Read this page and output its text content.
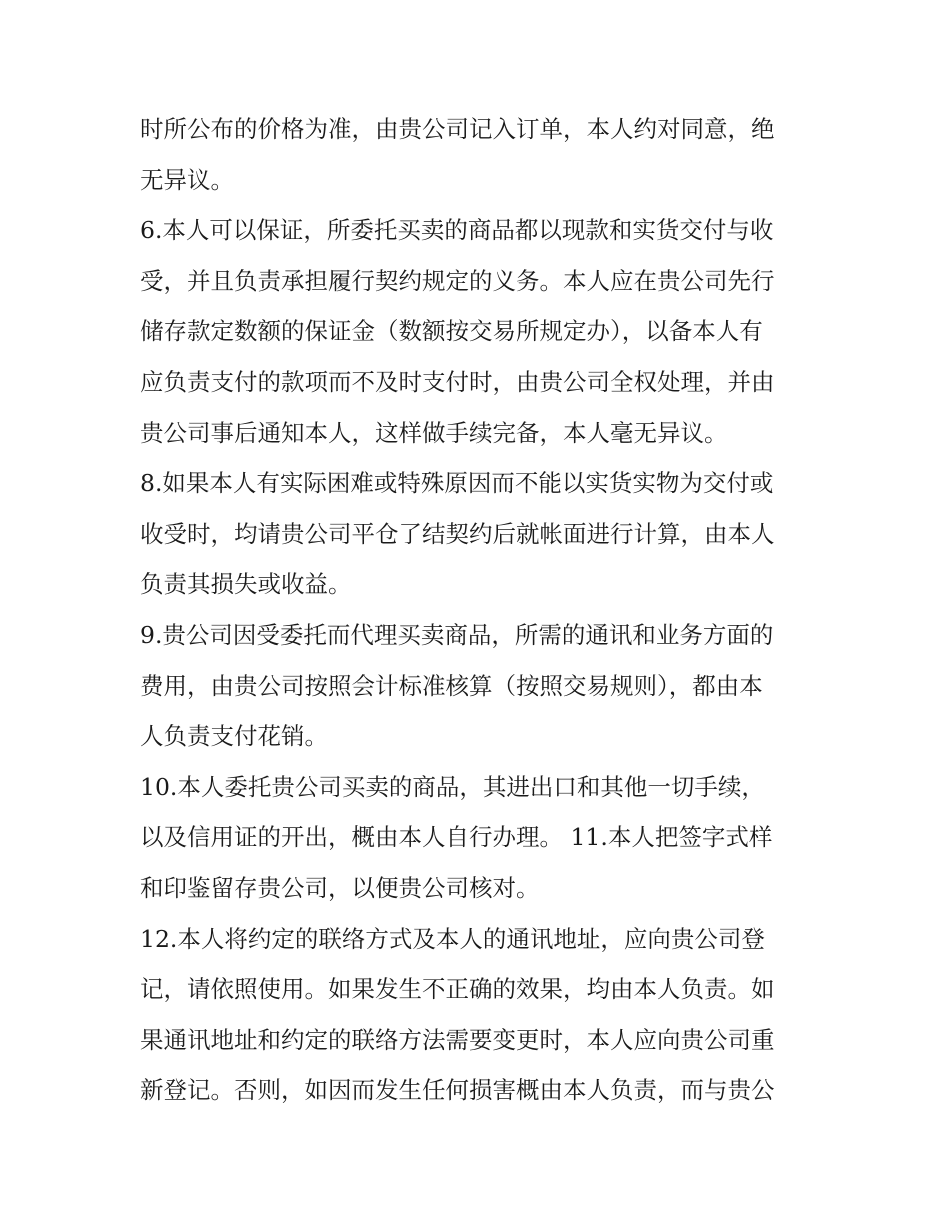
时所公布的价格为准，由贵公司记入订单，本人约对同意，绝
无异议。
6.本人可以保证，所委托买卖的商品都以现款和实货交付与收
受，并且负责承担履行契约规定的义务。本人应在贵公司先行
储存款定数额的保证金（数额按交易所规定办），以备本人有
应负责支付的款项而不及时支付时，由贵公司全权处理，并由
贵公司事后通知本人，这样做手续完备，本人毫无异议。
8.如果本人有实际困难或特殊原因而不能以实货实物为交付或
收受时，均请贵公司平仓了结契约后就帐面进行计算，由本人
负责其损失或收益。
9.贵公司因受委托而代理买卖商品，所需的通讯和业务方面的
费用，由贵公司按照会计标准核算（按照交易规则），都由本
人负责支付花销。
10.本人委托贵公司买卖的商品，其进出口和其他一切手续，
以及信用证的开出，概由本人自行办理。 11.本人把签字式样
和印鉴留存贵公司，以便贵公司核对。
12.本人将约定的联络方式及本人的通讯地址，应向贵公司登
记，请依照使用。如果发生不正确的效果，均由本人负责。如
果通讯地址和约定的联络方法需要变更时，本人应向贵公司重
新登记。否则，如因而发生任何损害概由本人负责，而与贵公
